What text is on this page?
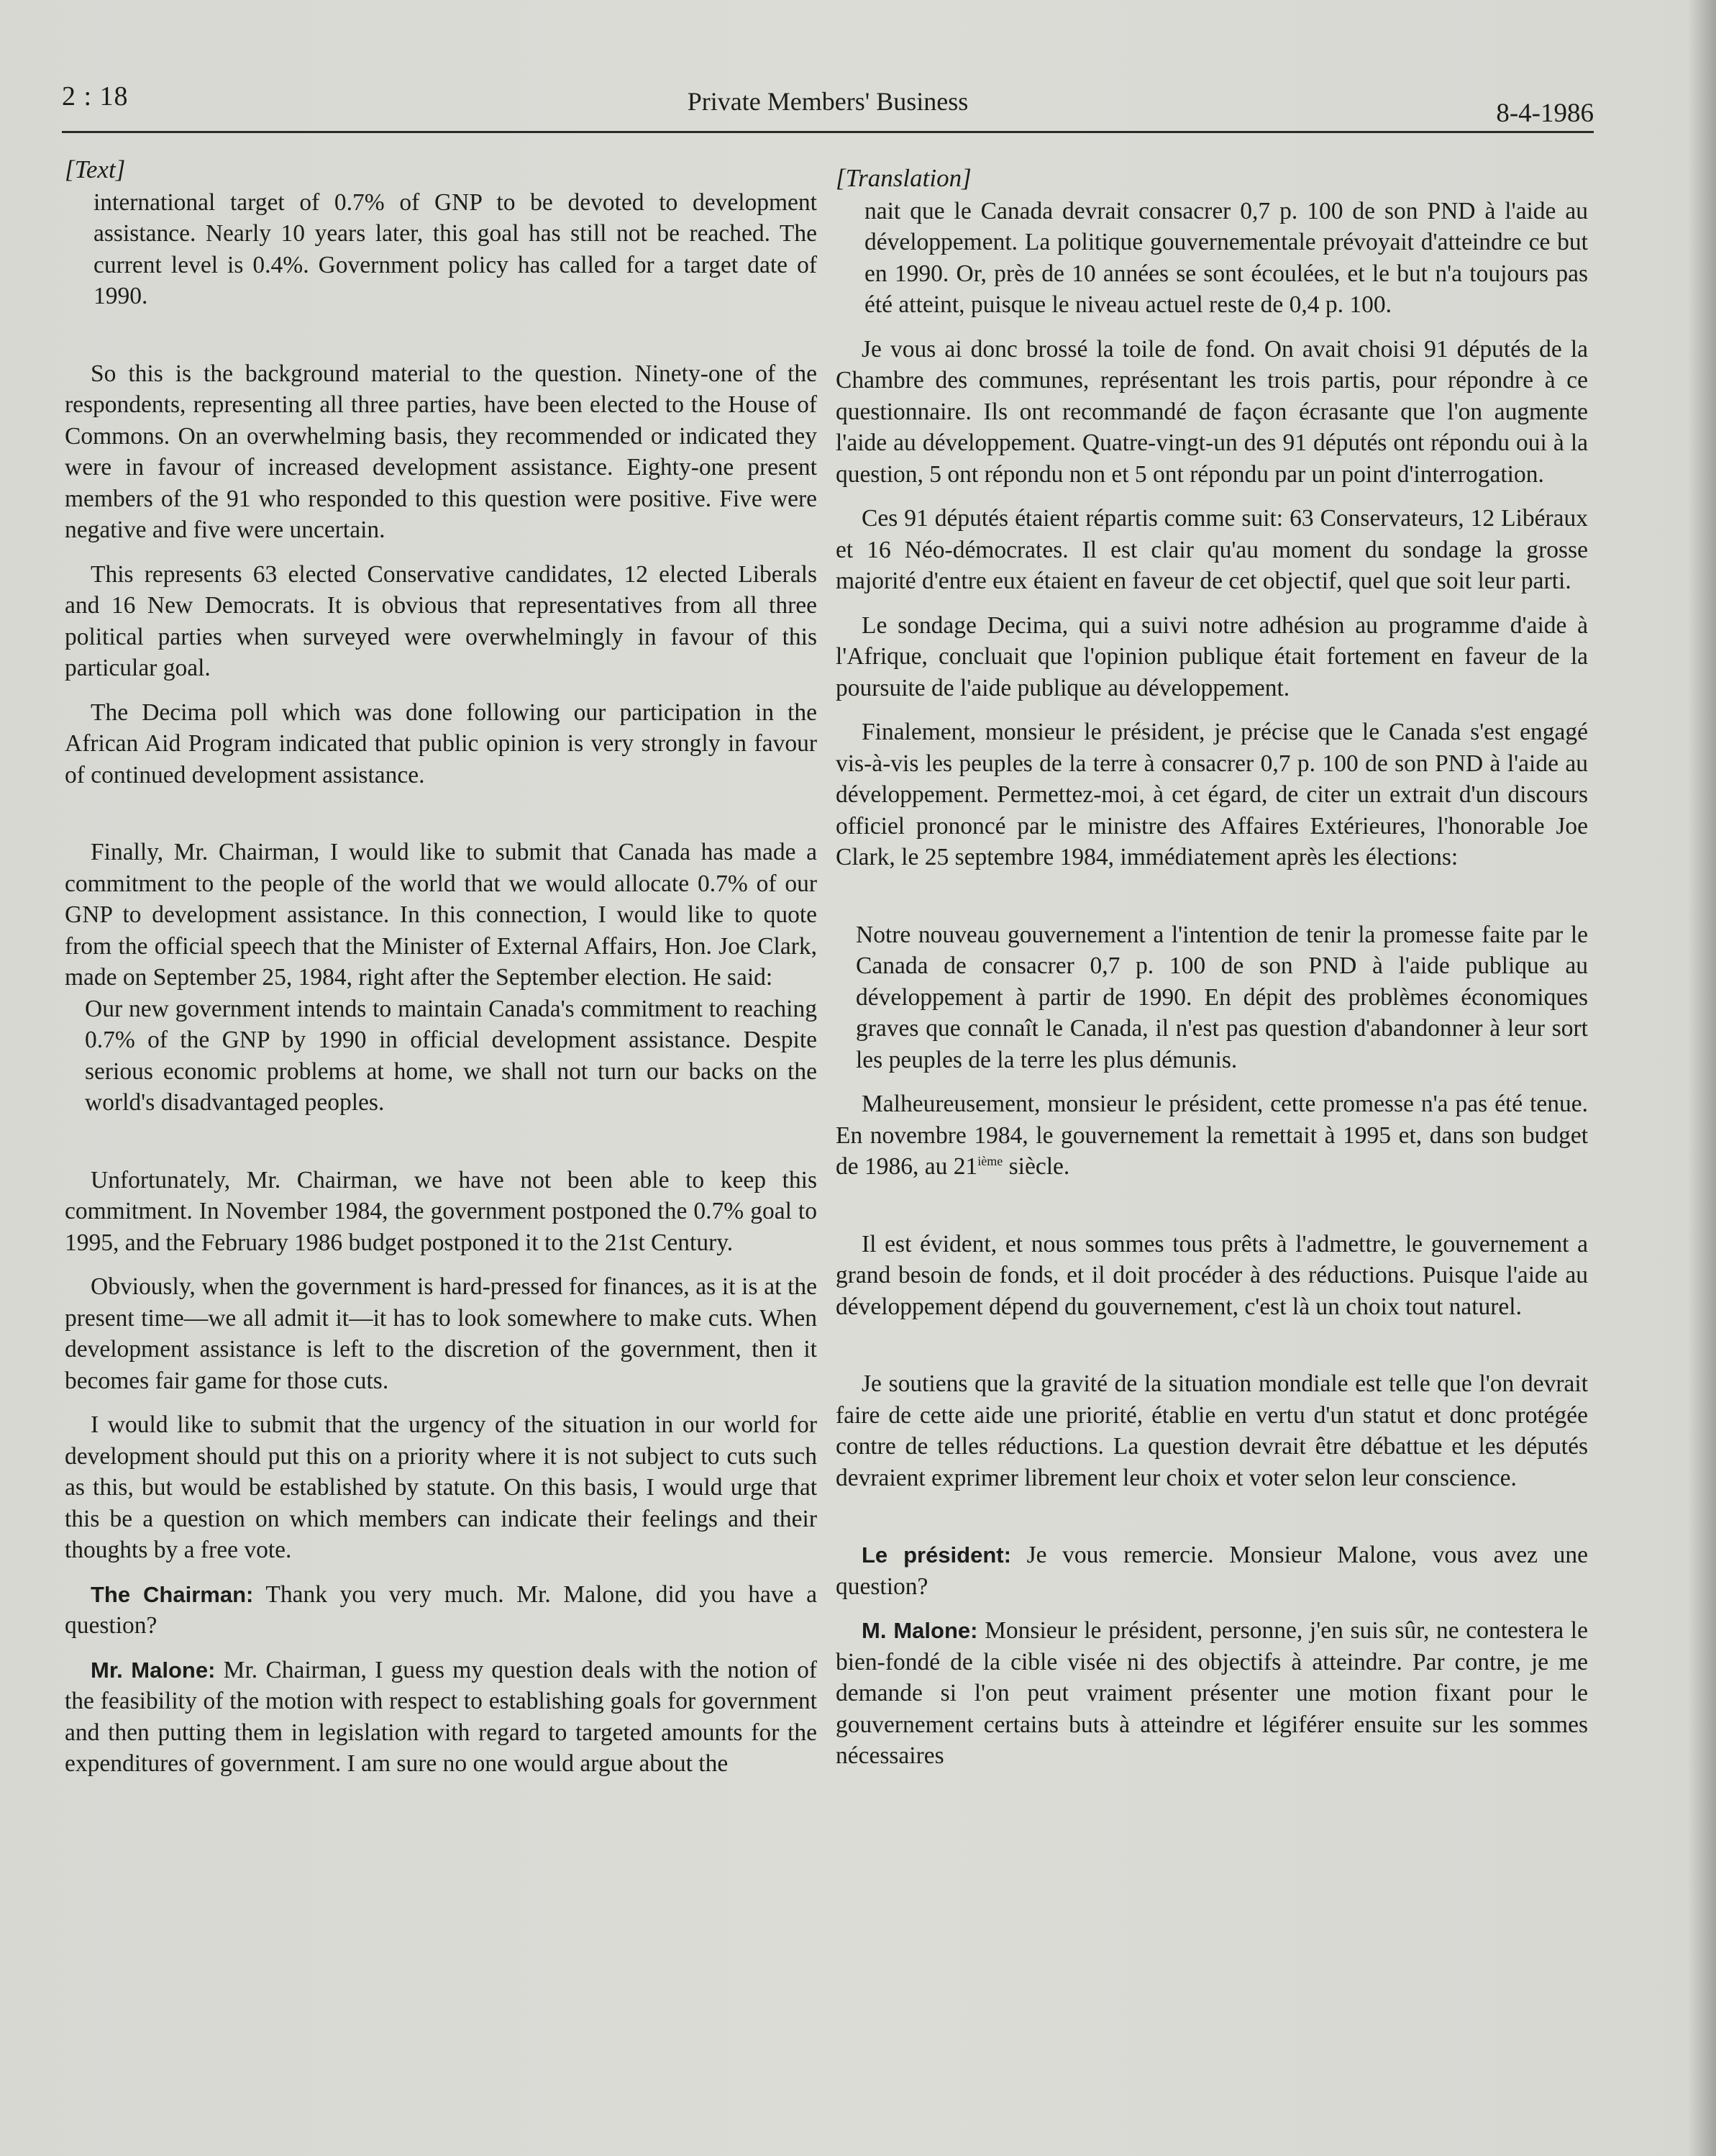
2 : 18	Private Members' Business	8-4-1986

[Text]

international target of 0.7% of GNP to be devoted to development assistance. Nearly 10 years later, this goal has still not be reached. The current level is 0.4%. Government policy has called for a target date of 1990.

So this is the background material to the question. Ninety-one of the respondents, representing all three parties, have been elected to the House of Commons. On an overwhelming basis, they recommended or indicated they were in favour of increased development assistance. Eighty-one present members of the 91 who responded to this question were positive. Five were negative and five were uncertain.

This represents 63 elected Conservative candidates, 12 elected Liberals and 16 New Democrats. It is obvious that representatives from all three political parties when surveyed were overwhelmingly in favour of this particular goal.

The Decima poll which was done following our participation in the African Aid Program indicated that public opinion is very strongly in favour of continued development assistance.

Finally, Mr. Chairman, I would like to submit that Canada has made a commitment to the people of the world that we would allocate 0.7% of our GNP to development assistance. In this connection, I would like to quote from the official speech that the Minister of External Affairs, Hon. Joe Clark, made on September 25, 1984, right after the September election. He said:

Our new government intends to maintain Canada's commitment to reaching 0.7% of the GNP by 1990 in official development assistance. Despite serious economic problems at home, we shall not turn our backs on the world's disadvantaged peoples.

Unfortunately, Mr. Chairman, we have not been able to keep this commitment. In November 1984, the government postponed the 0.7% goal to 1995, and the February 1986 budget postponed it to the 21st Century.

Obviously, when the government is hard-pressed for finances, as it is at the present time—we all admit it—it has to look somewhere to make cuts. When development assistance is left to the discretion of the government, then it becomes fair game for those cuts.

I would like to submit that the urgency of the situation in our world for development should put this on a priority where it is not subject to cuts such as this, but would be established by statute. On this basis, I would urge that this be a question on which members can indicate their feelings and their thoughts by a free vote.

The Chairman: Thank you very much. Mr. Malone, did you have a question?

Mr. Malone: Mr. Chairman, I guess my question deals with the notion of the feasibility of the motion with respect to establishing goals for government and then putting them in legislation with regard to targeted amounts for the expenditures of government. I am sure no one would argue about the

[Translation]

nait que le Canada devrait consacrer 0,7 p. 100 de son PND à l'aide au développement. La politique gouvernementale prévoyait d'atteindre ce but en 1990. Or, près de 10 années se sont écoulées, et le but n'a toujours pas été atteint, puisque le niveau actuel reste de 0,4 p. 100.

Je vous ai donc brossé la toile de fond. On avait choisi 91 députés de la Chambre des communes, représentant les trois partis, pour répondre à ce questionnaire. Ils ont recommandé de façon écrasante que l'on augmente l'aide au développement. Quatre-vingt-un des 91 députés ont répondu oui à la question, 5 ont répondu non et 5 ont répondu par un point d'interrogation.

Ces 91 députés étaient répartis comme suit: 63 Conservateurs, 12 Libéraux et 16 Néo-démocrates. Il est clair qu'au moment du sondage la grosse majorité d'entre eux étaient en faveur de cet objectif, quel que soit leur parti.

Le sondage Decima, qui a suivi notre adhésion au programme d'aide à l'Afrique, concluait que l'opinion publique était fortement en faveur de la poursuite de l'aide publique au développement.

Finalement, monsieur le président, je précise que le Canada s'est engagé vis-à-vis les peuples de la terre à consacrer 0,7 p. 100 de son PND à l'aide au développement. Permettez-moi, à cet égard, de citer un extrait d'un discours officiel prononcé par le ministre des Affaires Extérieures, l'honorable Joe Clark, le 25 septembre 1984, immédiatement après les élections:

Notre nouveau gouvernement a l'intention de tenir la promesse faite par le Canada de consacrer 0,7 p. 100 de son PND à l'aide publique au développement à partir de 1990. En dépit des problèmes économiques graves que connaît le Canada, il n'est pas question d'abandonner à leur sort les peuples de la terre les plus démunis.

Malheureusement, monsieur le président, cette promesse n'a pas été tenue. En novembre 1984, le gouvernement la remettait à 1995 et, dans son budget de 1986, au 21ième siècle.

Il est évident, et nous sommes tous prêts à l'admettre, le gouvernement a grand besoin de fonds, et il doit procéder à des réductions. Puisque l'aide au développement dépend du gouvernement, c'est là un choix tout naturel.

Je soutiens que la gravité de la situation mondiale est telle que l'on devrait faire de cette aide une priorité, établie en vertu d'un statut et donc protégée contre de telles réductions. La question devrait être débattue et les députés devraient exprimer librement leur choix et voter selon leur conscience.

Le président: Je vous remercie. Monsieur Malone, vous avez une question?

M. Malone: Monsieur le président, personne, j'en suis sûr, ne contestera le bien-fondé de la cible visée ni des objectifs à atteindre. Par contre, je me demande si l'on peut vraiment présenter une motion fixant pour le gouvernement certains buts à atteindre et légiférer ensuite sur les sommes nécessaires
